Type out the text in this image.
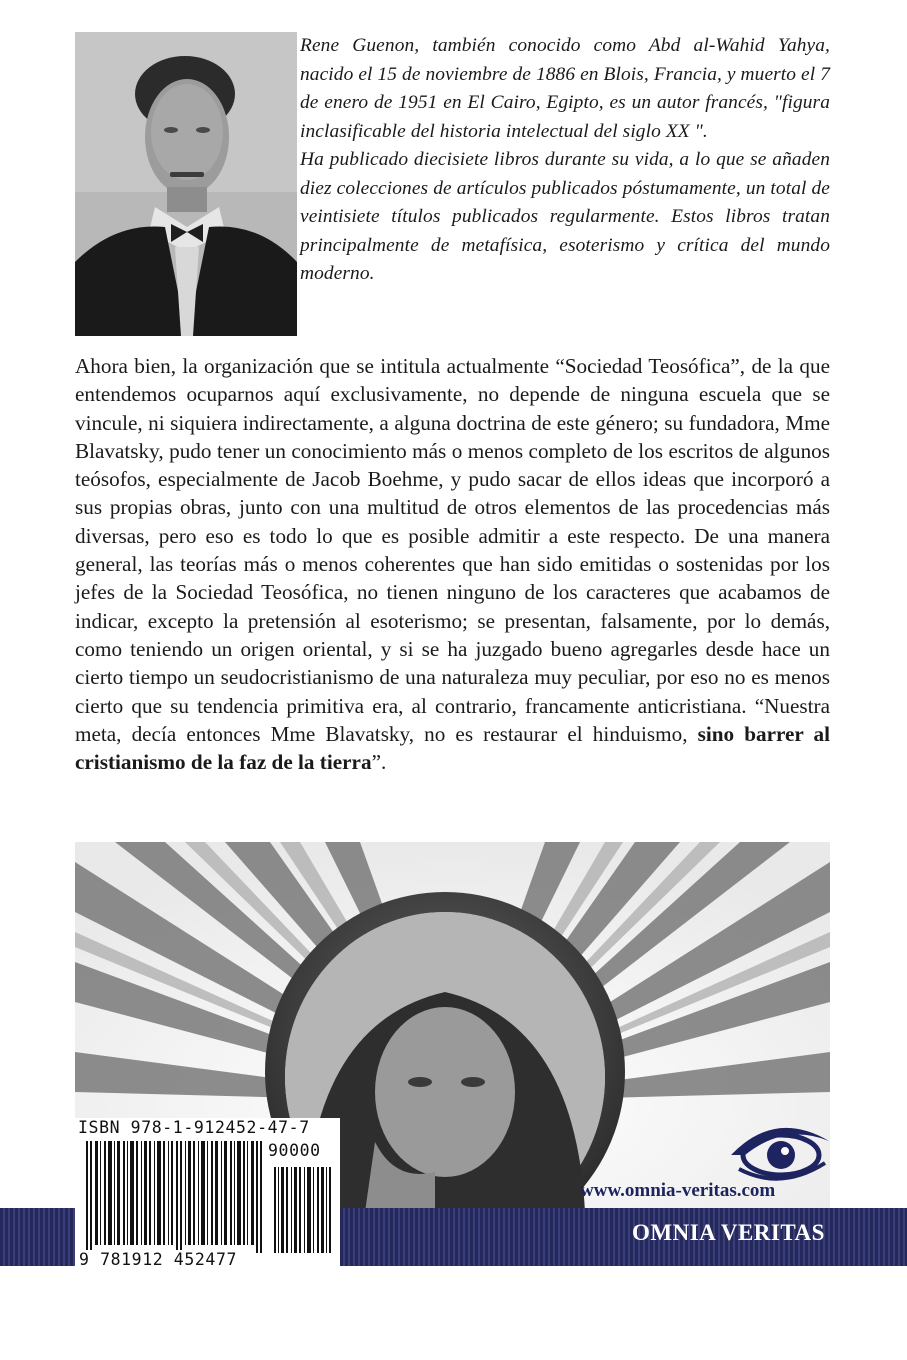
Rene Guenon, también conocido como Abd al-Wahid Yahya, nacido el 15 de noviembre de 1886 en Blois, Francia, y muerto el 7 de enero de 1951 en El Cairo, Egipto, es un autor francés, "figura inclasificable del historia intelectual del siglo XX ".

Ha publicado diecisiete libros durante su vida, a lo que se añaden diez colecciones de artículos publicados póstumamente, un total de veintisiete títulos publicados regularmente. Estos libros tratan principalmente de metafísica, esoterismo y crítica del mundo moderno.

Ahora bien, la organización que se intitula actualmente “Sociedad Teosófica”, de la que entendemos ocuparnos aquí exclusivamente, no depende de ninguna escuela que se vincule, ni siquiera indirectamente, a alguna doctrina de este género; su fundadora, Mme Blavatsky, pudo tener un conocimiento más o menos completo de los escritos de algunos teósofos, especialmente de Jacob Boehme, y pudo sacar de ellos ideas que incorporó a sus propias obras, junto con una multitud de otros elementos de las procedencias más diversas, pero eso es todo lo que es posible admitir a este respecto. De una manera general, las teorías más o menos coherentes que han sido emitidas o sostenidas por los jefes de la Sociedad Teosófica, no tienen ninguno de los caracteres que acabamos de indicar, excepto la pretensión al esoterismo; se presentan, falsamente, por lo demás, como teniendo un origen oriental, y si se ha juzgado bueno agregarles desde hace un cierto tiempo un seudocristianismo de una naturaleza muy peculiar, por eso no es menos cierto que su tendencia primitiva era, al contrario, francamente anticristiana. “Nuestra meta, decía entonces Mme Blavatsky, no es restaurar el hinduismo, sino barrer al cristianismo de la faz de la tierra”.

ISBN 978-1-912452-47-7
90000
9 781912 452477
www.omnia-veritas.com
OMNIA VERITAS
